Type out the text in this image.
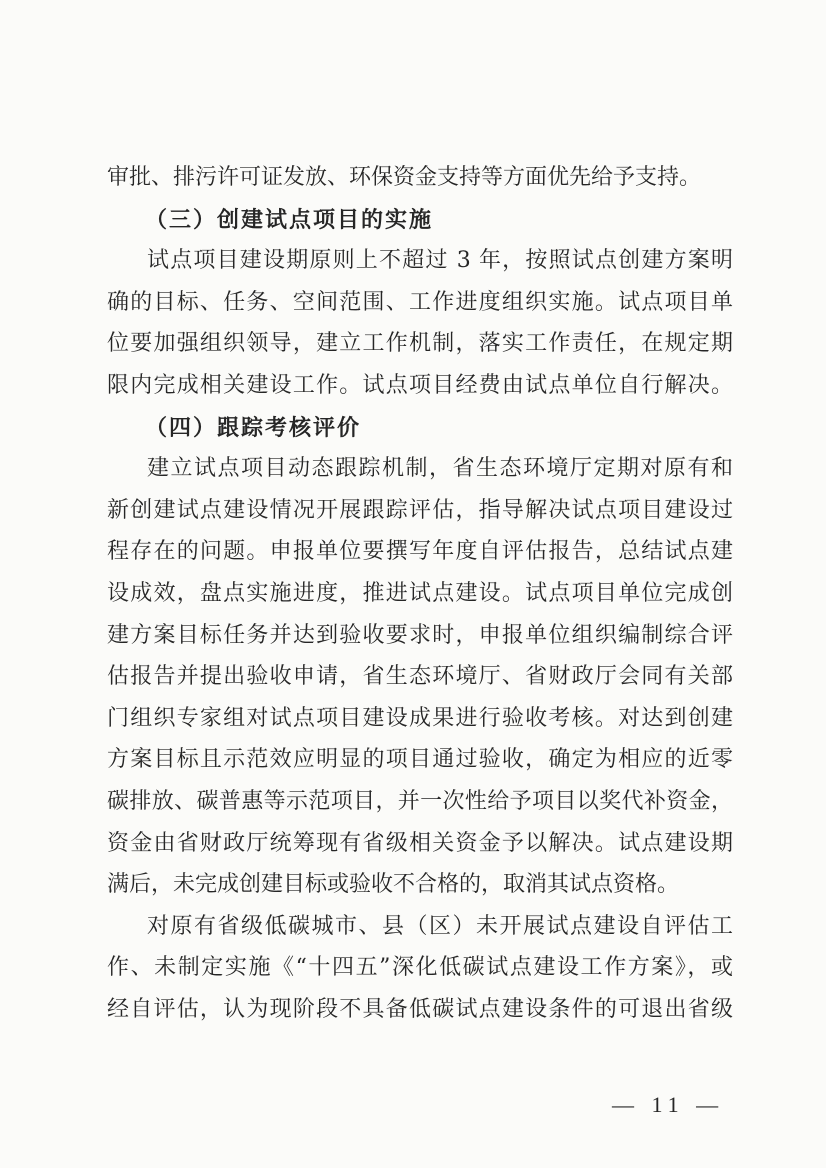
审批、排污许可证发放、环保资金支持等方面优先给予支持。
（三）创建试点项目的实施
试点项目建设期原则上不超过 3 年，按照试点创建方案明
确的目标、任务、空间范围、工作进度组织实施。试点项目单
位要加强组织领导，建立工作机制，落实工作责任，在规定期
限内完成相关建设工作。试点项目经费由试点单位自行解决。
（四）跟踪考核评价
建立试点项目动态跟踪机制，省生态环境厅定期对原有和
新创建试点建设情况开展跟踪评估，指导解决试点项目建设过
程存在的问题。申报单位要撰写年度自评估报告，总结试点建
设成效，盘点实施进度，推进试点建设。试点项目单位完成创
建方案目标任务并达到验收要求时，申报单位组织编制综合评
估报告并提出验收申请，省生态环境厅、省财政厅会同有关部
门组织专家组对试点项目建设成果进行验收考核。对达到创建
方案目标且示范效应明显的项目通过验收，确定为相应的近零
碳排放、碳普惠等示范项目，并一次性给予项目以奖代补资金，
资金由省财政厅统筹现有省级相关资金予以解决。试点建设期
满后，未完成创建目标或验收不合格的，取消其试点资格。
对原有省级低碳城市、县（区）未开展试点建设自评估工
作、未制定实施《“十四五”深化低碳试点建设工作方案》，或
经自评估，认为现阶段不具备低碳试点建设条件的可退出省级
— 11 —
